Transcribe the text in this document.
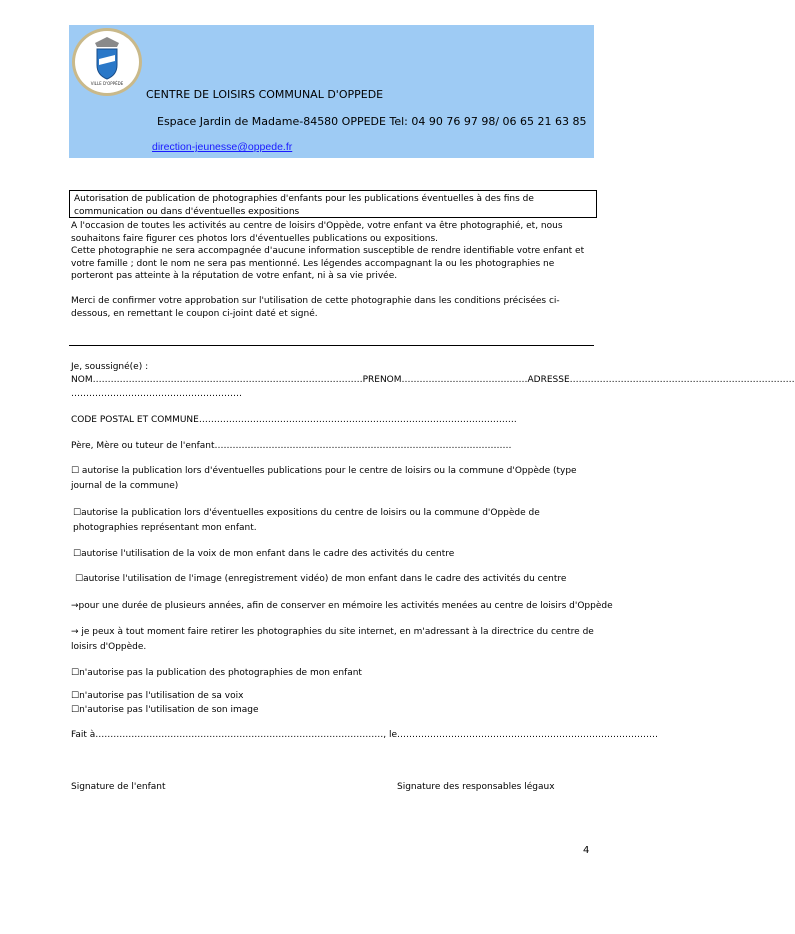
VILLE D'OPPÈDE
CENTRE DE LOISIRS COMMUNAL D'OPPEDE
Espace Jardin de Madame-84580 OPPEDE Tel: 04 90 76 97 98/ 06 65 21 63 85
direction-jeunesse@oppede.fr
Autorisation de publication de photographies d'enfants pour les publications éventuelles à des fins de communication ou dans d'éventuelles expositions
A l'occasion de toutes les activités au centre de loisirs d'Oppède, votre enfant va être photographié, et, nous souhaitons faire figurer ces photos lors d'éventuelles publications ou expositions.
Cette photographie ne sera accompagnée d'aucune information susceptible de rendre identifiable votre enfant et votre famille ; dont le nom ne sera pas mentionné. Les légendes accompagnant la ou les photographies ne porteront pas atteinte à la réputation de votre enfant, ni à sa vie privée.
Merci de confirmer votre approbation sur l'utilisation de cette photographie dans les conditions précisées ci-dessous, en remettant le coupon ci-joint daté et signé.
Je, soussigné(e) :
NOM………………………………………………………………………………PRENOM……………………………………ADRESSE…………………………………………………………………
…………………………………………………
CODE POSTAL ET COMMUNE…………………………………………………………………………………………….
Père, Mère ou tuteur de l'enfant………………………………………………………………………………………
☐ autorise la publication lors d'éventuelles publications pour le centre de loisirs ou la commune d'Oppède (type journal de la commune)
☐autorise la publication lors d'éventuelles expositions du centre de loisirs ou la commune d'Oppède de photographies représentant mon enfant.
☐autorise l'utilisation de la voix de mon enfant dans le cadre des activités du centre
☐autorise l'utilisation de l'image (enregistrement vidéo) de mon enfant dans le cadre des activités du centre
→pour une durée de plusieurs années, afin de conserver en mémoire les activités menées au centre de loisirs d'Oppède
→ je peux à tout moment faire retirer les photographies du site internet, en m'adressant à la directrice du centre de loisirs d'Oppède.
☐n'autorise pas la publication des photographies de mon enfant
☐n'autorise pas l'utilisation de sa voix
☐n'autorise pas l'utilisation de son image
Fait à……………………………………………………………………………………, le……………………………………………………………………………
Signature de l'enfant	Signature des responsables légaux
4
